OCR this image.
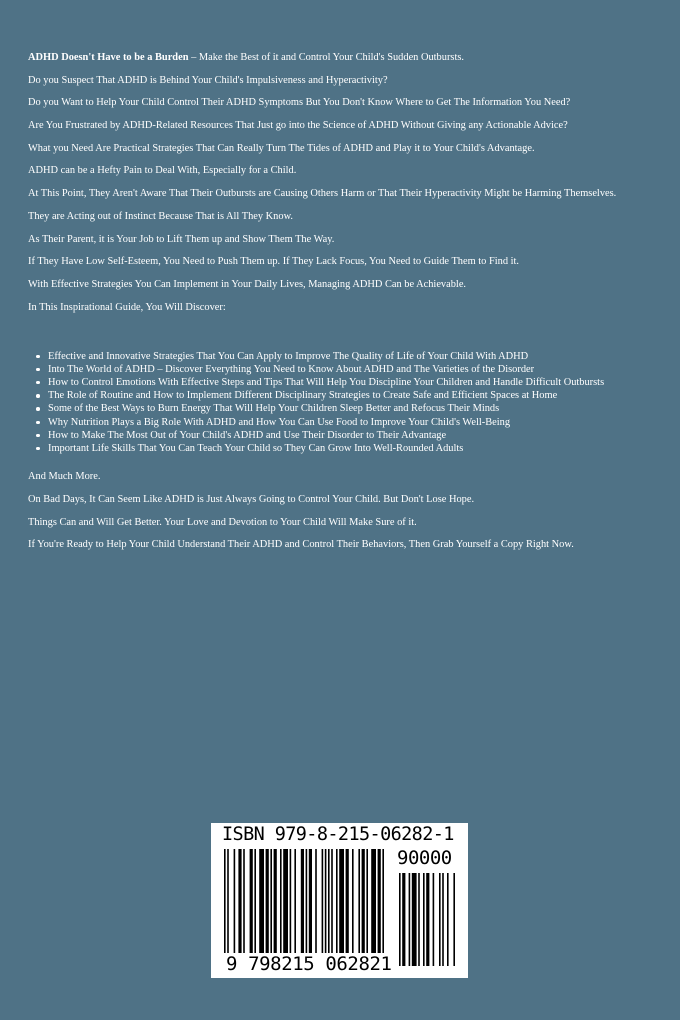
ADHD Doesn't Have to be a Burden – Make the Best of it and Control Your Child's Sudden Outbursts.

Do you Suspect That ADHD is Behind Your Child's Impulsiveness and Hyperactivity?

Do you Want to Help Your Child Control Their ADHD Symptoms But You Don't Know Where to Get The Information You Need?

Are You Frustrated by ADHD-Related Resources That Just go into the Science of ADHD Without Giving any Actionable Advice?

What you Need Are Practical Strategies That Can Really Turn The Tides of ADHD and Play it to Your Child's Advantage.

ADHD can be a Hefty Pain to Deal With, Especially for a Child.

At This Point, They Aren't Aware That Their Outbursts are Causing Others Harm or That Their Hyperactivity Might be Harming Themselves.

They are Acting out of Instinct Because That is All They Know.

As Their Parent, it is Your Job to Lift Them up and Show Them The Way.

If They Have Low Self-Esteem, You Need to Push Them up. If They Lack Focus, You Need to Guide Them to Find it.

With Effective Strategies You Can Implement in Your Daily Lives, Managing ADHD Can be Achievable.

In This Inspirational Guide, You Will Discover:

Effective and Innovative Strategies That You Can Apply to Improve The Quality of Life of Your Child With ADHD
Into The World of ADHD – Discover Everything You Need to Know About ADHD and The Varieties of the Disorder
How to Control Emotions With Effective Steps and Tips That Will Help You Discipline Your Children and Handle Difficult Outbursts
The Role of Routine and How to Implement Different Disciplinary Strategies to Create Safe and Efficient Spaces at Home
Some of the Best Ways to Burn Energy That Will Help Your Children Sleep Better and Refocus Their Minds
Why Nutrition Plays a Big Role With ADHD and How You Can Use Food to Improve Your Child's Well-Being
How to Make The Most Out of Your Child's ADHD and Use Their Disorder to Their Advantage
Important Life Skills That You Can Teach Your Child so They Can Grow Into Well-Rounded Adults

And Much More.

On Bad Days, It Can Seem Like ADHD is Just Always Going to Control Your Child. But Don't Lose Hope.

Things Can and Will Get Better. Your Love and Devotion to Your Child Will Make Sure of it.

If You're Ready to Help Your Child Understand Their ADHD and Control Their Behaviors, Then Grab Yourself a Copy Right Now.

ISBN 979-8-215-06282-1
90000
9 798215 062821
